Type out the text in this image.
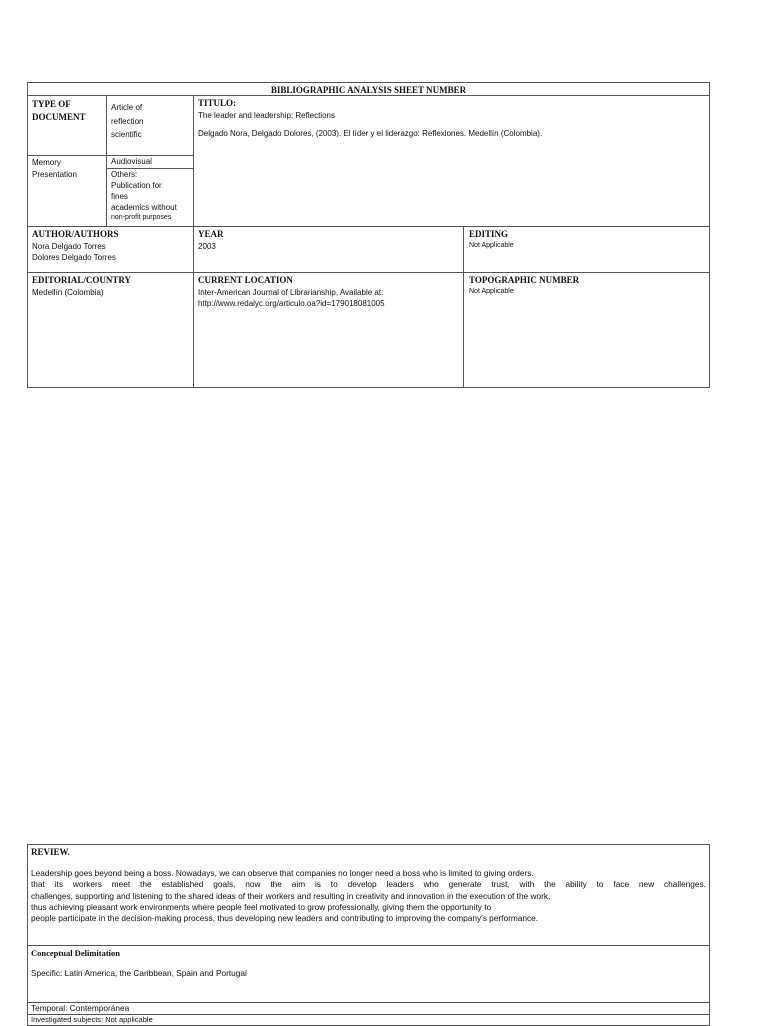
BIBLIOGRAPHIC ANALYSIS SHEET NUMBER
TYPE OF
DOCUMENT
Article of
reflection
scientific
Memory
Presentation
Audiovisual
Others:
Publication for
fines
academics without
non-profit purposes
TITULO:
The leader and leadership: Reflections
Delgado Nora, Delgado Dolores, (2003). El líder y el liderazgo: Reflexiones. Medellín (Colombia).
AUTHOR/AUTHORS
Nora Delgado Torres
Dolores Delgado Torres
YEAR
2003
EDITING
Not Applicable
EDITORIAL/COUNTRY
Medellín (Colombia)
CURRENT LOCATION
Inter-American Journal of Librarianship, Available at:
http://www.redalyc.org/articulo.oa?id=17901808100​5
TOPOGRAPHIC NUMBER
Not Applicable
REVIEW.
Leadership goes beyond being a boss. Nowadays, we can observe that companies no longer need a boss who is limited to giving orders.
that its workers meet the established goals, now the aim is to develop leaders who generate trust, with the ability to face new challenges.
challenges, supporting and listening to the shared ideas of their workers and resulting in creativity and innovation in the execution of the work,
thus achieving pleasant work environments where people feel motivated to grow professionally, giving them the opportunity to
people participate in the decision-making process, thus developing new leaders and contributing to improving the company's performance.
Conceptual Delimitation
Specific: Latin America, the Caribbean, Spain and Portugal
Temporal: Contemporánea
Investigated subjects: Not applicable
